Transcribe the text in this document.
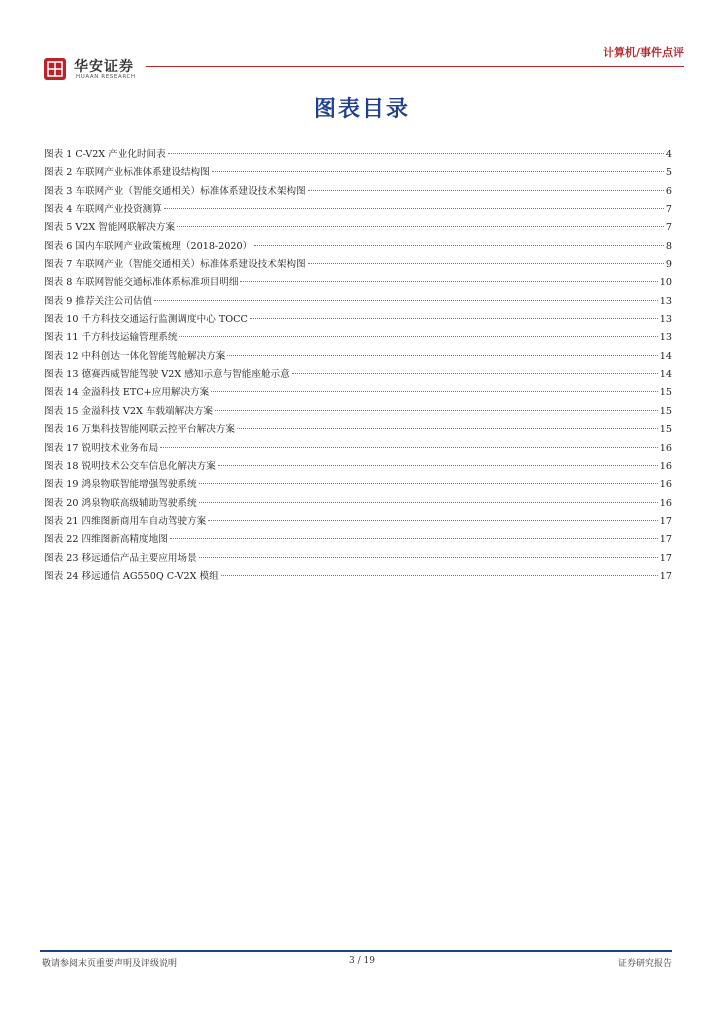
华安证券
HUAAN RESEARCH
计算机/事件点评
图表目录
图表 1 C-V2X 产业化时间表	4
图表 2 车联网产业标准体系建设结构图	5
图表 3 车联网产业（智能交通相关）标准体系建设技术架构图	6
图表 4 车联网产业投资测算	7
图表 5 V2X 智能网联解决方案	7
图表 6 国内车联网产业政策梳理（2018-2020）	8
图表 7 车联网产业（智能交通相关）标准体系建设技术架构图	9
图表 8 车联网智能交通标准体系标准项目明细	10
图表 9 推荐关注公司估值	13
图表 10 千方科技交通运行监测调度中心 TOCC	13
图表 11 千方科技运输管理系统	13
图表 12 中科创达一体化智能驾舱解决方案	14
图表 13 德赛西威智能驾驶 V2X 感知示意与智能座舱示意	14
图表 14 金溢科技 ETC+应用解决方案	15
图表 15 金溢科技 V2X 车载端解决方案	15
图表 16 万集科技智能网联云控平台解决方案	15
图表 17 锐明技术业务布局	16
图表 18 锐明技术公交车信息化解决方案	16
图表 19 鸿泉物联智能增强驾驶系统	16
图表 20 鸿泉物联高级辅助驾驶系统	16
图表 21 四维图新商用车自动驾驶方案	17
图表 22 四维图新高精度地图	17
图表 23 移远通信产品主要应用场景	17
图表 24 移远通信 AG550Q C-V2X 模组	17
敬请参阅末页重要声明及评级说明	3 / 19	证券研究报告
